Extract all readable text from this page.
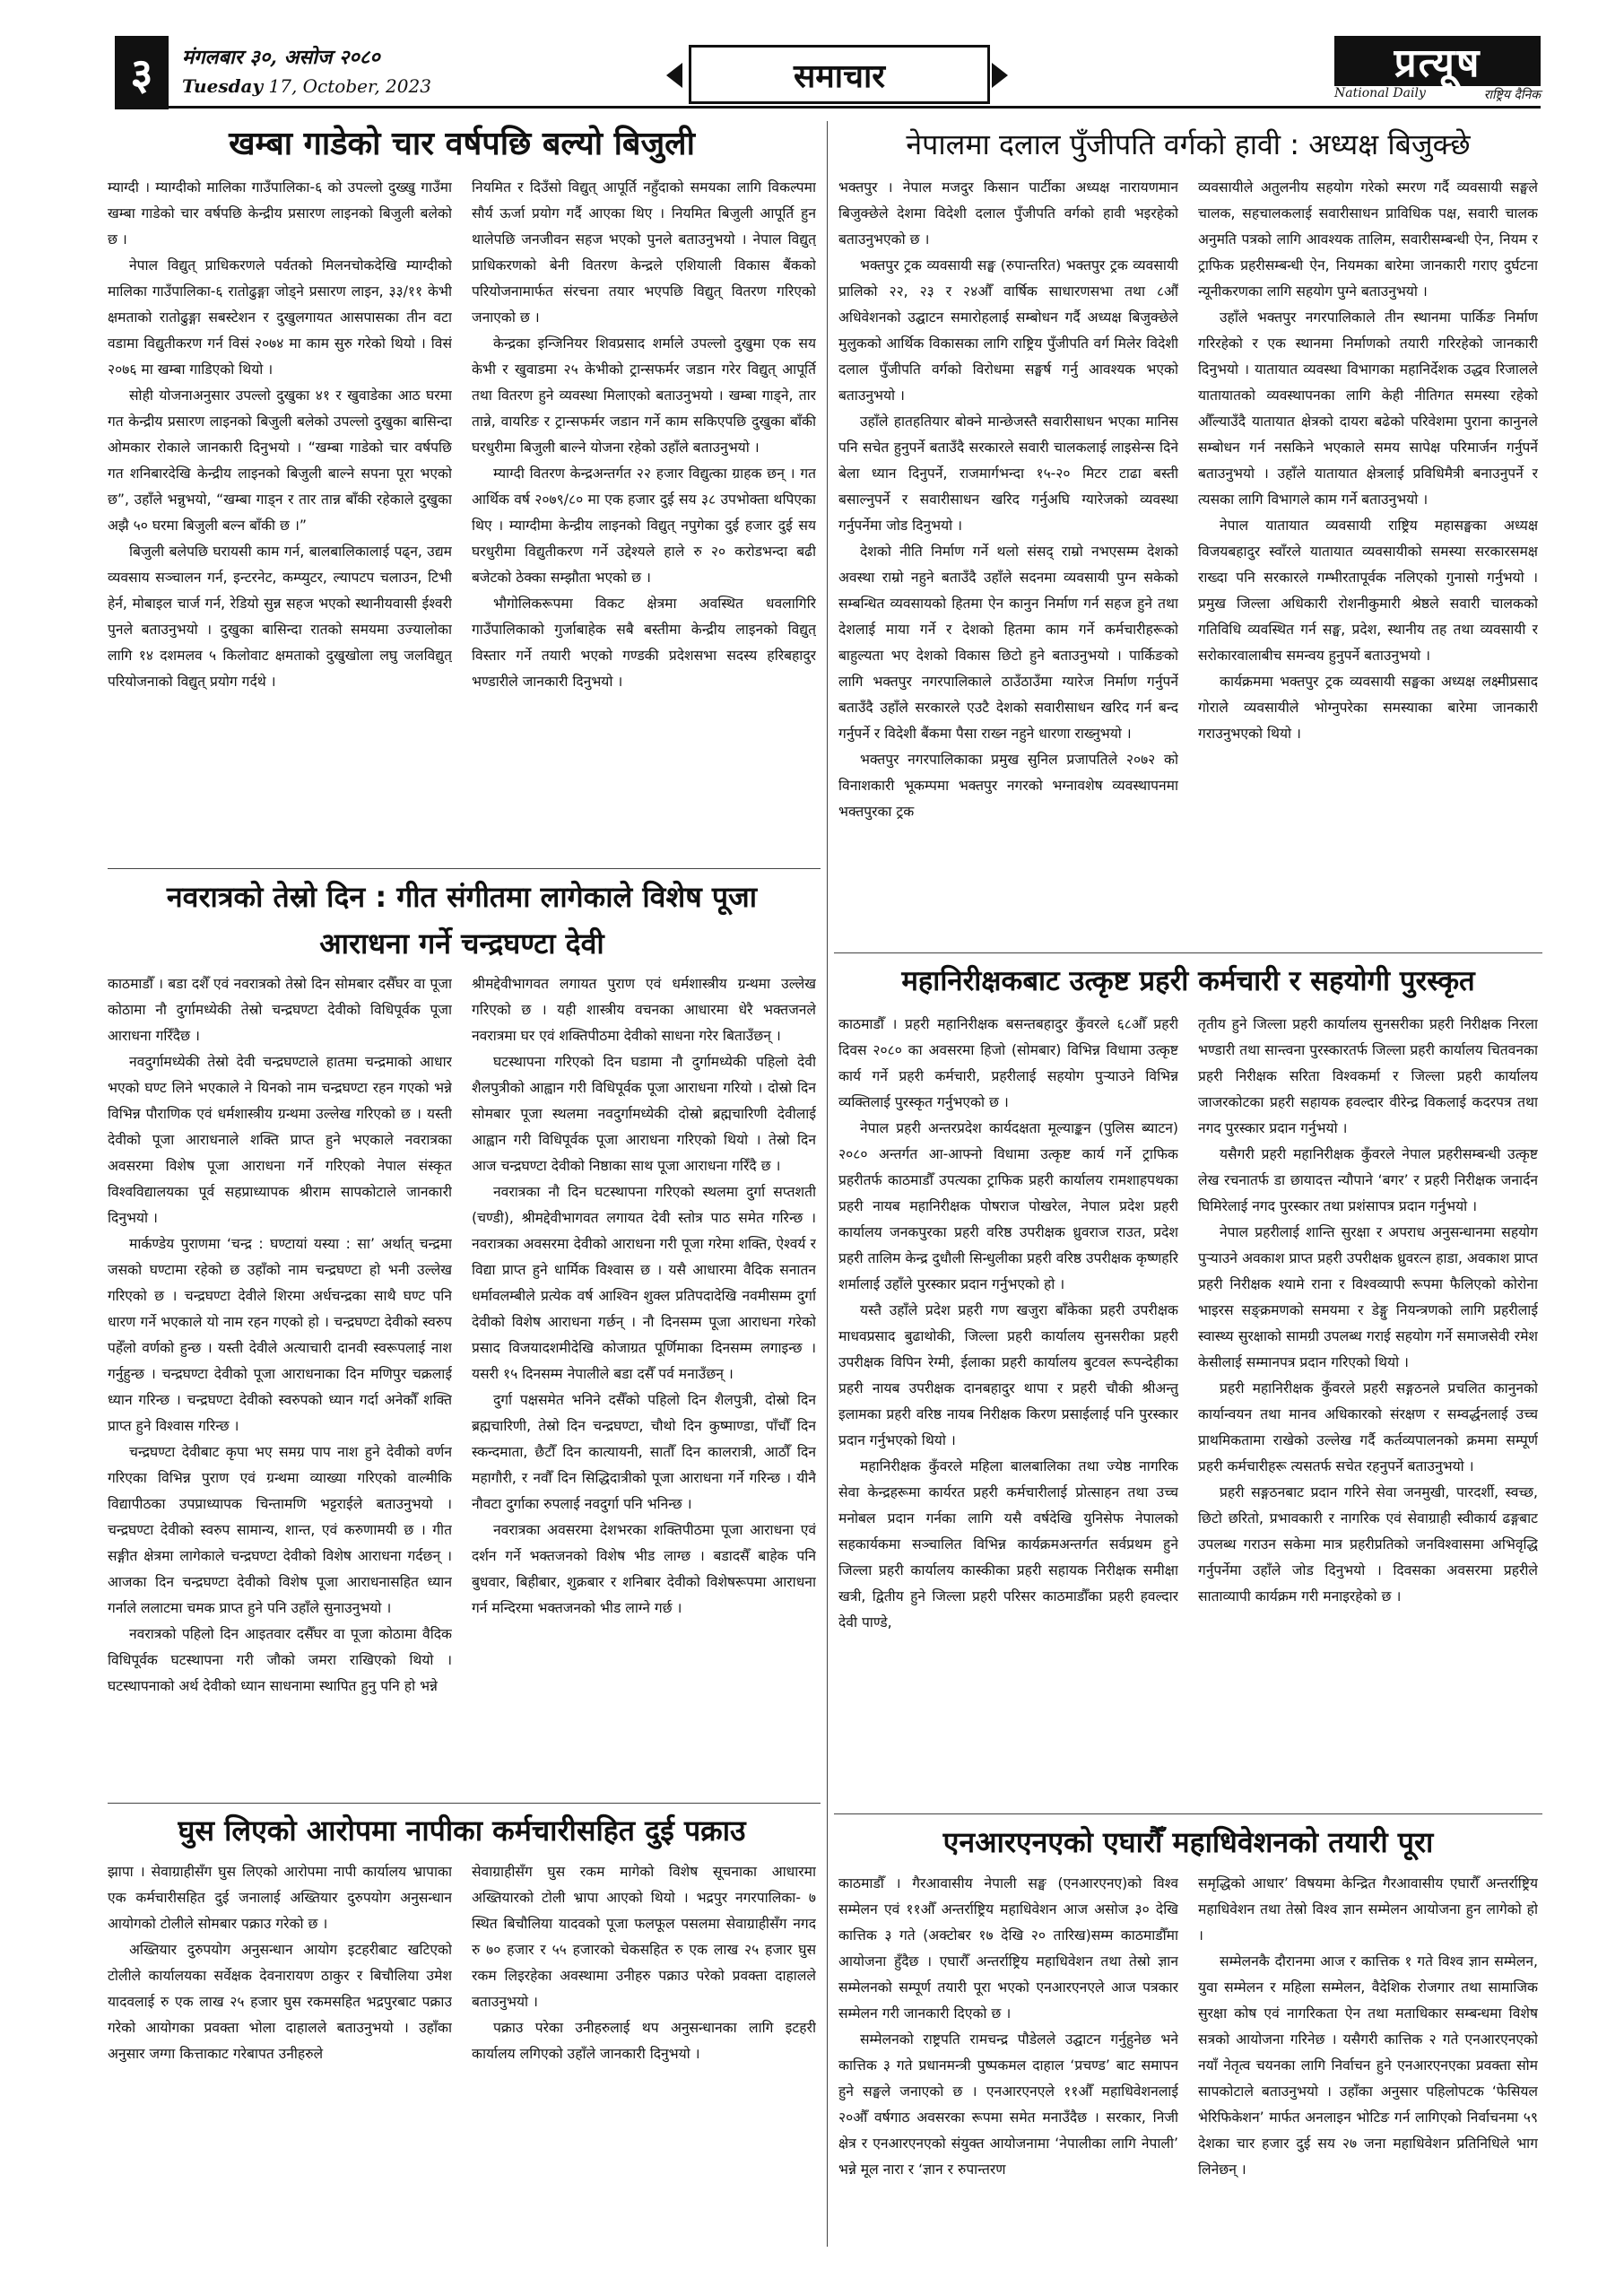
३	मंगलबार ३०, असोज २०८०
Tuesday 17, October, 2023	समाचार	प्रत्यूष
National Daily	राष्ट्रिय दैनिक
खम्बा गाडेको चार वर्षपछि बल्यो बिजुली

म्याग्दी । म्याग्दीको मालिका गाउँपालिका-६ को उपल्लो दुख्खु गाउँमा खम्बा गाडेको चार वर्षपछि केन्द्रीय प्रसारण लाइनको बिजुली बलेको छ ।

नेपाल विद्युत् प्राधिकरणले पर्वतको मिलनचोकदेखि म्याग्दीको मालिका गाउँपालिका-६ रातोढुङ्गा जोड्ने प्रसारण लाइन, ३३/११ केभी क्षमताको रातोढुङ्गा सबस्टेशन र दुखुलगायत आसपासका तीन वटा वडामा विद्युतीकरण गर्न विसं २०७४ मा काम सुरु गरेको थियो । विसं २०७६ मा खम्बा गाडिएको थियो ।

सोही योजनाअनुसार उपल्लो दुखुका ४१ र खुवाडेका आठ घरमा गत केन्द्रीय प्रसारण लाइनको बिजुली बलेको उपल्लो दुखुका बासिन्दा ओमकार रोकाले जानकारी दिनुभयो । “खम्बा गाडेको चार वर्षपछि गत शनिबारदेखि केन्द्रीय लाइनको बिजुली बाल्ने सपना पूरा भएको छ”, उहाँले भन्नुभयो, “खम्बा गाड्न र तार तान्न बाँकी रहेकाले दुखुका अझै ५० घरमा बिजुली बल्न बाँकी छ ।”

बिजुली बलेपछि घरायसी काम गर्न, बालबालिकालाई पढ्न, उद्यम व्यवसाय सञ्चालन गर्न, इन्टरनेट, कम्प्युटर, ल्यापटप चलाउन, टिभी हेर्न, मोबाइल चार्ज गर्न, रेडियो सुन्न सहज भएको स्थानीयवासी ईश्वरी पुनले बताउनुभयो । दुखुका बासिन्दा रातको समयमा उज्यालोका लागि १४ दशमलव ५ किलोवाट क्षमताको दुखुखोला लघु जलविद्युत् परियोजनाको विद्युत् प्रयोग गर्दथे ।

नियमित र दिउँसो विद्युत् आपूर्ति नहुँदाको समयका लागि विकल्पमा सौर्य ऊर्जा प्रयोग गर्दै आएका थिए । नियमित बिजुली आपूर्ति हुन थालेपछि जनजीवन सहज भएको पुनले बताउनुभयो । नेपाल विद्युत् प्राधिकरणको बेनी वितरण केन्द्रले एशियाली विकास बैंकको परियोजनामार्फत संरचना तयार भएपछि विद्युत् वितरण गरिएको जनाएको छ ।

केन्द्रका इन्जिनियर शिवप्रसाद शर्माले उपल्लो दुखुमा एक सय केभी र खुवाडमा २५ केभीको ट्रान्सफर्मर जडान गरेर विद्युत् आपूर्ति तथा वितरण हुने व्यवस्था मिलाएको बताउनुभयो । खम्बा गाड्ने, तार तान्ने, वायरिङ र ट्रान्सफर्मर जडान गर्ने काम सकिएपछि दुखुका बाँकी घरधुरीमा बिजुली बाल्ने योजना रहेको उहाँले बताउनुभयो ।

म्याग्दी वितरण केन्द्रअन्तर्गत २२ हजार विद्युत्का ग्राहक छन् । गत आर्थिक वर्ष २०७९/८० मा एक हजार दुई सय ३८ उपभोक्ता थपिएका थिए । म्याग्दीमा केन्द्रीय लाइनको विद्युत् नपुगेका दुई हजार दुई सय घरधुरीमा विद्युतीकरण गर्ने उद्देश्यले हाले रु २० करोडभन्दा बढी बजेटको ठेक्का सम्झौता भएको छ ।

भौगोलिकरूपमा विकट क्षेत्रमा अवस्थित धवलागिरि गाउँपालिकाको गुर्जाबाहेक सबै बस्तीमा केन्द्रीय लाइनको विद्युत् विस्तार गर्ने तयारी भएको गण्डकी प्रदेशसभा सदस्य हरिबहादुर भण्डारीले जानकारी दिनुभयो ।

नेपालमा दलाल पुँजीपति वर्गको हावी : अध्यक्ष बिजुक्छे

भक्तपुर । नेपाल मजदुर किसान पार्टीका अध्यक्ष नारायणमान बिजुक्छेले देशमा विदेशी दलाल पुँजीपति वर्गको हावी भइरहेको बताउनुभएको छ ।

भक्तपुर ट्रक व्यवसायी सङ्घ (रुपान्तरित) भक्तपुर ट्रक व्यवसायी प्रालिको २२, २३ र २४औँ वार्षिक साधारणसभा तथा ८औँ अधिवेशनको उद्घाटन समारोहलाई सम्बोधन गर्दै अध्यक्ष बिजुक्छेले मुलुकको आर्थिक विकासका लागि राष्ट्रिय पुँजीपति वर्ग मिलेर विदेशी दलाल पुँजीपति वर्गको विरोधमा सङ्घर्ष गर्नु आवश्यक भएको बताउनुभयो ।

उहाँले हातहतियार बोक्ने मान्छेजस्तै सवारीसाधन भएका मानिस पनि सचेत हुनुपर्ने बताउँदै सरकारले सवारी चालकलाई लाइसेन्स दिने बेला ध्यान दिनुपर्ने, राजमार्गभन्दा १५-२० मिटर टाढा बस्ती बसाल्नुपर्ने र सवारीसाधन खरिद गर्नुअघि ग्यारेजको व्यवस्था गर्नुपर्नेमा जोड दिनुभयो ।

देशको नीति निर्माण गर्ने थलो संसद् राम्रो नभएसम्म देशको अवस्था राम्रो नहुने बताउँदै उहाँले सदनमा व्यवसायी पुग्न सकेको सम्बन्धित व्यवसायको हितमा ऐन कानुन निर्माण गर्न सहज हुने तथा देशलाई माया गर्ने र देशको हितमा काम गर्ने कर्मचारीहरूको बाहुल्यता भए देशको विकास छिटो हुने बताउनुभयो । पार्किङको लागि भक्तपुर नगरपालिकाले ठाउँठाउँमा ग्यारेज निर्माण गर्नुपर्ने बताउँदै उहाँले सरकारले एउटै देशको सवारीसाधन खरिद गर्न बन्द गर्नुपर्ने र विदेशी बैंकमा पैसा राख्न नहुने धारणा राख्नुभयो ।

भक्तपुर नगरपालिकाका प्रमुख सुनिल प्रजापतिले २०७२ को विनाशकारी भूकम्पमा भक्तपुर नगरको भग्नावशेष व्यवस्थापनमा भक्तपुरका ट्रक

व्यवसायीले अतुलनीय सहयोग गरेको स्मरण गर्दै व्यवसायी सङ्घले चालक, सहचालकलाई सवारीसाधन प्राविधिक पक्ष, सवारी चालक अनुमति पत्रको लागि आवश्यक तालिम, सवारीसम्बन्धी ऐन, नियम र ट्राफिक प्रहरीसम्बन्धी ऐन, नियमका बारेमा जानकारी गराए दुर्घटना न्यूनीकरणका लागि सहयोग पुग्ने बताउनुभयो ।

उहाँले भक्तपुर नगरपालिकाले तीन स्थानमा पार्किङ निर्माण गरिरहेको र एक स्थानमा निर्माणको तयारी गरिरहेको जानकारी दिनुभयो । यातायात व्यवस्था विभागका महानिर्देशक उद्धव रिजालले यातायातको व्यवस्थापनका लागि केही नीतिगत समस्या रहेको औँल्याउँदै यातायात क्षेत्रको दायरा बढेको परिवेशमा पुराना कानुनले सम्बोधन गर्न नसकिने भएकाले समय सापेक्ष परिमार्जन गर्नुपर्ने बताउनुभयो । उहाँले यातायात क्षेत्रलाई प्रविधिमैत्री बनाउनुपर्ने र त्यसका लागि विभागले काम गर्ने बताउनुभयो ।

नेपाल यातायात व्यवसायी राष्ट्रिय महासङ्घका अध्यक्ष विजयबहादुर स्वाँरले यातायात व्यवसायीको समस्या सरकारसमक्ष राख्दा पनि सरकारले गम्भीरतापूर्वक नलिएको गुनासो गर्नुभयो । प्रमुख जिल्ला अधिकारी रोशनीकुमारी श्रेष्ठले सवारी चालकको गतिविधि व्यवस्थित गर्न सङ्घ, प्रदेश, स्थानीय तह तथा व्यवसायी र सरोकारवालाबीच समन्वय हुनुपर्ने बताउनुभयो ।

कार्यक्रममा भक्तपुर ट्रक व्यवसायी सङ्घका अध्यक्ष लक्ष्मीप्रसाद गोरालेे व्यवसायीले भोग्नुपरेका समस्याका बारेमा जानकारी गराउनुभएको थियो ।

नवरात्रको तेस्रो दिन : गीत संगीतमा लागेकाले विशेष पूजा
आराधना गर्ने चन्द्रघण्टा देवी

काठमाडौँ । बडा दशैँ एवं नवरात्रको तेस्रो दिन सोमबार दसैँघर वा पूजा कोठामा नौ दुर्गामध्येकी तेस्रो चन्द्रघण्टा देवीको विधिपूर्वक पूजा आराधना गरिँदैछ ।

नवदुर्गामध्येकी तेस्रो देवी चन्द्रघण्टाले हातमा चन्द्रमाको आधार भएको घण्ट लिने भएकाले ने यिनको नाम चन्द्रघण्टा रहन गएको भन्ने विभिन्न पौराणिक एवं धर्मशास्त्रीय ग्रन्थमा उल्लेख गरिएको छ । यस्ती देवीको पूजा आराधनाले शक्ति प्राप्त हुने भएकाले नवरात्रका अवसरमा विशेष पूजा आराधना गर्ने गरिएको नेपाल संस्कृत विश्वविद्यालयका पूर्व सहप्राध्यापक श्रीराम सापकोटाले जानकारी दिनुभयो ।

मार्कण्डेय पुराणमा ‘चन्द्र : घण्टायां यस्या : सा’ अर्थात् चन्द्रमा जसको घण्टामा रहेको छ उहाँको नाम चन्द्रघण्टा हो भनी उल्लेख गरिएको छ । चन्द्रघण्टा देवीले शिरमा अर्धचन्द्रका साथै घण्ट पनि धारण गर्ने भएकाले यो नाम रहन गएको हो । चन्द्रघण्टा देवीको स्वरुप पहेँलो वर्णको हुन्छ । यस्ती देवीले अत्याचारी दानवी स्वरूपलाई नाश गर्नुहुन्छ । चन्द्रघण्टा देवीको पूजा आराधनाका दिन मणिपुर चक्रलाई ध्यान गरिन्छ । चन्द्रघण्टा देवीको स्वरुपको ध्यान गर्दा अनेकौँ शक्ति प्राप्त हुने विश्वास गरिन्छ ।

चन्द्रघण्टा देवीबाट कृपा भए समग्र पाप नाश हुने देवीको वर्णन गरिएका विभिन्न पुराण एवं ग्रन्थमा व्याख्या गरिएको वाल्मीकि विद्यापीठका उपप्राध्यापक चिन्तामणि भट्टराईले बताउनुभयो । चन्द्रघण्टा देवीको स्वरुप सामान्य, शान्त, एवं करुणामयी छ । गीत सङ्गीत क्षेत्रमा लागेकाले चन्द्रघण्टा देवीको विशेष आराधना गर्दछन् । आजका दिन चन्द्रघण्टा देवीको विशेष पूजा आराधनासहित ध्यान गर्नाले ललाटमा चमक प्राप्त हुने पनि उहाँले सुनाउनुभयो ।

नवरात्रको पहिलो दिन आइतवार दसैँघर वा पूजा कोठामा वैदिक विधिपूर्वक घटस्थापना गरी जौको जमरा राखिएको थियो । घटस्थापनाको अर्थ देवीको ध्यान साधनामा स्थापित हुनु पनि हो भन्ने

श्रीमद्देवीभागवत लगायत पुराण एवं धर्मशास्त्रीय ग्रन्थमा उल्लेख गरिएको छ । यही शास्त्रीय वचनका आधारमा धेरै भक्तजनले नवरात्रमा घर एवं शक्तिपीठमा देवीको साधना गरेर बिताउँछन् ।

घटस्थापना गरिएको दिन घडामा नौ दुर्गामध्येकी पहिलो देवी शैलपुत्रीको आह्वान गरी विधिपूर्वक पूजा आराधना गरियो । दोस्रो दिन सोमबार पूजा स्थलमा नवदुर्गामध्येकी दोस्रो ब्रह्मचारिणी देवीलाई आह्वान गरी विधिपूर्वक पूजा आराधना गरिएको थियो । तेस्रो दिन आज चन्द्रघण्टा देवीको निष्ठाका साथ पूजा आराधना गरिँदै छ ।

नवरात्रका नौ दिन घटस्थापना गरिएको स्थलमा दुर्गा सप्तशती (चण्डी), श्रीमद्देवीभागवत लगायत देवी स्तोत्र पाठ समेत गरिन्छ । नवरात्रका अवसरमा देवीको आराधना गरी पूजा गरेमा शक्ति, ऐश्वर्य र विद्या प्राप्त हुने धार्मिक विश्वास छ । यसै आधारमा वैदिक सनातन धर्मावलम्बीले प्रत्येक वर्ष आश्विन शुक्ल प्रतिपदादेखि नवमीसम्म दुर्गा देवीको विशेष आराधना गर्छन् । नौ दिनसम्म पूजा आराधना गरेको प्रसाद विजयादशमीदेखि कोजाग्रत पूर्णिमाका दिनसम्म लगाइन्छ । यसरी १५ दिनसम्म नेपालीले बडा दसैँ पर्व मनाउँछन् ।

दुर्गा पक्षसमेत भनिने दसैँको पहिलो दिन शैलपुत्री, दोस्रो दिन ब्रह्मचारिणी, तेस्रो दिन चन्द्रघण्टा, चौथो दिन कुष्माण्डा, पाँचौँ दिन स्कन्दमाता, छैटौँ दिन कात्यायनी, सातौँ दिन कालरात्री, आठौँ दिन महागौरी, र नवौँ दिन सिद्धिदात्रीको पूजा आराधना गर्ने गरिन्छ । यीनै नौवटा दुर्गाका रुपलाई नवदुर्गा पनि भनिन्छ ।

नवरात्रका अवसरमा देशभरका शक्तिपीठमा पूजा आराधना एवं दर्शन गर्ने भक्तजनको विशेष भीड लाग्छ । बडादसैँ बाहेक पनि बुधवार, बिहीबार, शुक्रबार र शनिबार देवीको विशेषरूपमा आराधना गर्न मन्दिरमा भक्तजनको भीड लाग्ने गर्छ ।

महानिरीक्षकबाट उत्कृष्ट प्रहरी कर्मचारी र सहयोगी पुरस्कृत

काठमाडौँ । प्रहरी महानिरीक्षक बसन्तबहादुर कुँवरले ६८औँ प्रहरी दिवस २०८० का अवसरमा हिजो (सोमबार) विभिन्न विधामा उत्कृष्ट कार्य गर्ने प्रहरी कर्मचारी, प्रहरीलाई सहयोग पुऱ्याउने विभिन्न व्यक्तिलाई पुरस्कृत गर्नुभएको छ ।

नेपाल प्रहरी अन्तरप्रदेश कार्यदक्षता मूल्याङ्कन (पुलिस ब्याटन) २०८० अन्तर्गत आ-आफ्नो विधामा उत्कृष्ट कार्य गर्ने ट्राफिक प्रहरीतर्फ काठमाडौँ उपत्यका ट्राफिक प्रहरी कार्यालय रामशाहपथका प्रहरी नायब महानिरीक्षक पोषराज पोखरेल, नेपाल प्रदेश प्रहरी कार्यालय जनकपुरका प्रहरी वरिष्ठ उपरीक्षक ध्रुवराज राउत, प्रदेश प्रहरी तालिम केन्द्र दुधौली सिन्धुलीका प्रहरी वरिष्ठ उपरीक्षक कृष्णहरि शर्मालाई उहाँले पुरस्कार प्रदान गर्नुभएको हो ।

यस्तै उहाँले प्रदेश प्रहरी गण खजुरा बाँकेका प्रहरी उपरीक्षक माधवप्रसाद बुढाथोकी, जिल्ला प्रहरी कार्यालय सुनसरीका प्रहरी उपरीक्षक विपिन रेग्मी, ईलाका प्रहरी कार्यालय बुटवल रूपन्देहीका प्रहरी नायब उपरीक्षक दानबहादुर थापा र प्रहरी चौकी श्रीअन्तु इलामका प्रहरी वरिष्ठ नायब निरीक्षक किरण प्रसाईलाई पनि पुरस्कार प्रदान गर्नुभएको थियो ।

महानिरीक्षक कुँवरले महिला बालबालिका तथा ज्येष्ठ नागरिक सेवा केन्द्रहरूमा कार्यरत प्रहरी कर्मचारीलाई प्रोत्साहन तथा उच्च मनोबल प्रदान गर्नका लागि यसै वर्षदेखि युनिसेफ नेपालको सहकार्यकमा सञ्चालित विभिन्न कार्यक्रमअन्तर्गत सर्वप्रथम हुने जिल्ला प्रहरी कार्यालय कास्कीका प्रहरी सहायक निरीक्षक समीक्षा खत्री, द्वितीय हुने जिल्ला प्रहरी परिसर काठमाडौँका प्रहरी हवल्दार देवी पाण्डे,

तृतीय हुने जिल्ला प्रहरी कार्यालय सुनसरीका प्रहरी निरीक्षक निरला भण्डारी तथा सान्त्वना पुरस्कारतर्फ जिल्ला प्रहरी कार्यालय चितवनका प्रहरी निरीक्षक सरिता विश्वकर्मा र जिल्ला प्रहरी कार्यालय जाजरकोटका प्रहरी सहायक हवल्दार वीरेन्द्र विकलाई कदरपत्र तथा नगद पुरस्कार प्रदान गर्नुभयो ।

यसैगरी प्रहरी महानिरीक्षक कुँवरले नेपाल प्रहरीसम्बन्धी उत्कृष्ट लेख रचनातर्फ डा छायादत्त न्यौपाने ‘बगर’ र प्रहरी निरीक्षक जनार्दन घिमिरेलाई नगद पुरस्कार तथा प्रशंसापत्र प्रदान गर्नुभयो ।

नेपाल प्रहरीलाई शान्ति सुरक्षा र अपराध अनुसन्धानमा सहयोग पुऱ्याउने अवकाश प्राप्त प्रहरी उपरीक्षक ध्रुवरत्न हाडा, अवकाश प्राप्त प्रहरी निरीक्षक श्यामे राना र विश्वव्यापी रूपमा फैलिएको कोरोना भाइरस सङ्क्रमणको समयमा र डेङ्गु नियन्त्रणको लागि प्रहरीलाई स्वास्थ्य सुरक्षाको सामग्री उपलब्ध गराई सहयोग गर्ने समाजसेवी रमेश केसीलाई सम्मानपत्र प्रदान गरिएको थियो ।

प्रहरी महानिरीक्षक कुँवरले प्रहरी सङ्गठनले प्रचलित कानुनको कार्यान्वयन तथा मानव अधिकारको संरक्षण र सम्वर्द्धनलाई उच्च प्राथमिकतामा राखेको उल्लेख गर्दै कर्तव्यपालनको क्रममा सम्पूर्ण प्रहरी कर्मचारीहरू त्यसतर्फ सचेत रहनुपर्ने बताउनुभयो ।

प्रहरी सङ्गठनबाट प्रदान गरिने सेवा जनमुखी, पारदर्शी, स्वच्छ, छिटो छरितो, प्रभावकारी र नागरिक एवं सेवाग्राही स्वीकार्य ढङ्गबाट उपलब्ध गराउन सकेमा मात्र प्रहरीप्रतिको जनविश्वासमा अभिवृद्धि गर्नुपर्नेमा उहाँले जोड दिनुभयो । दिवसका अवसरमा प्रहरीले साताव्यापी कार्यक्रम गरी मनाइरहेको छ ।

घुस लिएको आरोपमा नापीका कर्मचारीसहित दुई पक्राउ

झापा । सेवाग्राहीसँग घुस लिएको आरोपमा नापी कार्यालय भ्रापाका एक कर्मचारीसहित दुई जनालाई अख्तियार दुरुपयोग अनुसन्धान आयोगको टोलीले सोमबार पक्राउ गरेको छ ।

अख्तियार दुरुपयोग अनुसन्धान आयोग इटहरीबाट खटिएको टोलीले कार्यालयका सर्वेक्षक देवनारायण ठाकुर र बिचौलिया उमेश यादवलाई रु एक लाख २५ हजार घुस रकमसहित भद्रपुरबाट पक्राउ गरेको आयोगका प्रवक्ता भोला दाहालले बताउनुभयो । उहाँका अनुसार जग्गा कित्ताकाट गरेबापत उनीहरुले

सेवाग्राहीसँग घुस रकम मागेको विशेष सूचनाका आधारमा अख्तियारको टोली भ्रापा आएको थियो । भद्रपुर नगरपालिका- ७ स्थित बिचौलिया यादवको पूजा फलफूल पसलमा सेवाग्राहीसँग नगद रु ७० हजार र ५५ हजारको चेकसहित रु एक लाख २५ हजार घुस रकम लिइरहेका अवस्थामा उनीहरु पक्राउ परेको प्रवक्ता दाहालले बताउनुभयो ।

पक्राउ परेका उनीहरुलाई थप अनुसन्धानका लागि इटहरी कार्यालय लगिएको उहाँले जानकारी दिनुभयो ।

एनआरएनएको एघारौँ महाधिवेशनको तयारी पूरा

काठमाडौँ । गैरआवासीय नेपाली सङ्घ (एनआरएनए)को विश्व सम्मेलन एवं ११औँ अन्तर्राष्ट्रिय महाधिवेशन आज असोज ३० देखि कात्तिक ३ गते (अक्टोबर १७ देखि २० तारिख)सम्म काठमाडौँमा आयोजना हुँदैछ । एघारौँ अन्तर्राष्ट्रिय महाधिवेशन तथा तेस्रो ज्ञान सम्मेलनको सम्पूर्ण तयारी पूरा भएको एनआरएनएले आज पत्रकार सम्मेलन गरी जानकारी दिएको छ ।

सम्मेलनको राष्ट्रपति रामचन्द्र पौडेलले उद्घाटन गर्नुहुनेछ भने कात्तिक ३ गते प्रधानमन्त्री पुष्पकमल दाहाल ‘प्रचण्ड’ बाट समापन हुने सङ्घले जनाएको छ । एनआरएनएले ११औँ महाधिवेशनलाई २०औँ वर्षगाठ अवसरका रूपमा समेत मनाउँदैछ । सरकार, निजी क्षेत्र र एनआरएनएको संयुक्त आयोजनामा ‘नेपालीका लागि नेपाली’ भन्ने मूल नारा र ‘ज्ञान र रुपान्तरण

समृद्धिको आधार’ विषयमा केन्द्रित गैरआवासीय एघारौँ अन्तर्राष्ट्रिय महाधिवेशन तथा तेस्रो विश्व ज्ञान सम्मेलन आयोजना हुन लागेको हो ।

सम्मेलनकै दौरानमा आज र कात्तिक १ गते विश्व ज्ञान सम्मेलन, युवा सम्मेलन र महिला सम्मेलन, वैदेशिक रोजगार तथा सामाजिक सुरक्षा कोष एवं नागरिकता ऐन तथा मताधिकार सम्बन्धमा विशेष सत्रको आयोजना गरिनेछ । यसैगरी कात्तिक २ गते एनआरएनएको नयाँ नेतृत्व चयनका लागि निर्वाचन हुने एनआरएनएका प्रवक्ता सोम सापकोटाले बताउनुभयो । उहाँका अनुसार पहिलोपटक ‘फेसियल भेरिफिकेशन’ मार्फत अनलाइन भोटिङ गर्न लागिएको निर्वाचनमा ५९ देशका चार हजार दुई सय २७ जना महाधिवेशन प्रतिनिधिले भाग लिनेछन् ।
